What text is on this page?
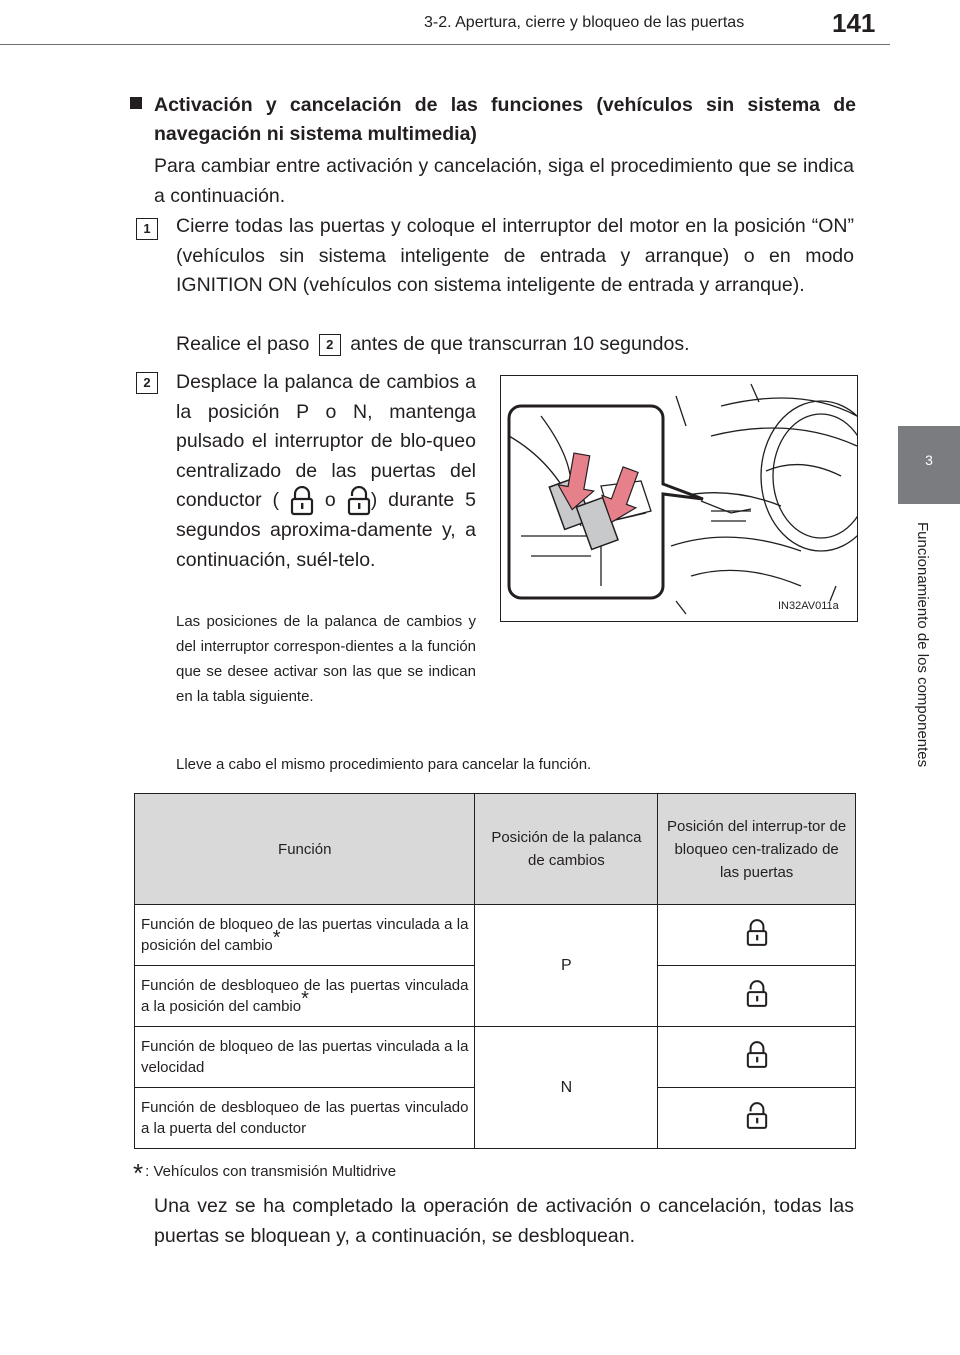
3-2. Apertura, cierre y bloqueo de las puertas	141
3
Funcionamiento de los componentes
Activación y cancelación de las funciones (vehículos sin sistema de navegación ni sistema multimedia)
Para cambiar entre activación y cancelación, siga el procedimiento que se indica a continuación.
1	Cierre todas las puertas y coloque el interruptor del motor en la posición “ON” (vehículos sin sistema inteligente de entrada y arranque) o en modo IGNITION ON (vehículos con sistema inteligente de entrada y arranque).
Realice el paso 2 antes de que transcurran 10 segundos.
2	Desplace la palanca de cambios a la posición P o N, mantenga pulsado el interruptor de blo-queo centralizado de las puertas del conductor ( o ) durante 5 segundos aproxima-damente y, a continuación, suél-telo.
Las posiciones de la palanca de cambios y del interruptor correspon-dientes a la función que se desee activar son las que se indican en la tabla siguiente.
Lleve a cabo el mismo procedimiento para cancelar la función.
IN32AV011a
Función	Posición de la palanca de cambios	Posición del interrup-tor de bloqueo cen-tralizado de las puertas
Función de bloqueo de las puertas vinculada a la posición del cambio*	P	
Función de desbloqueo de las puertas vinculada a la posición del cambio*	
Función de bloqueo de las puertas vinculada a la velocidad	N	
Función de desbloqueo de las puertas vinculado a la puerta del conductor	
* : Vehículos con transmisión Multidrive
Una vez se ha completado la operación de activación o cancelación, todas las puertas se bloquean y, a continuación, se desbloquean.
